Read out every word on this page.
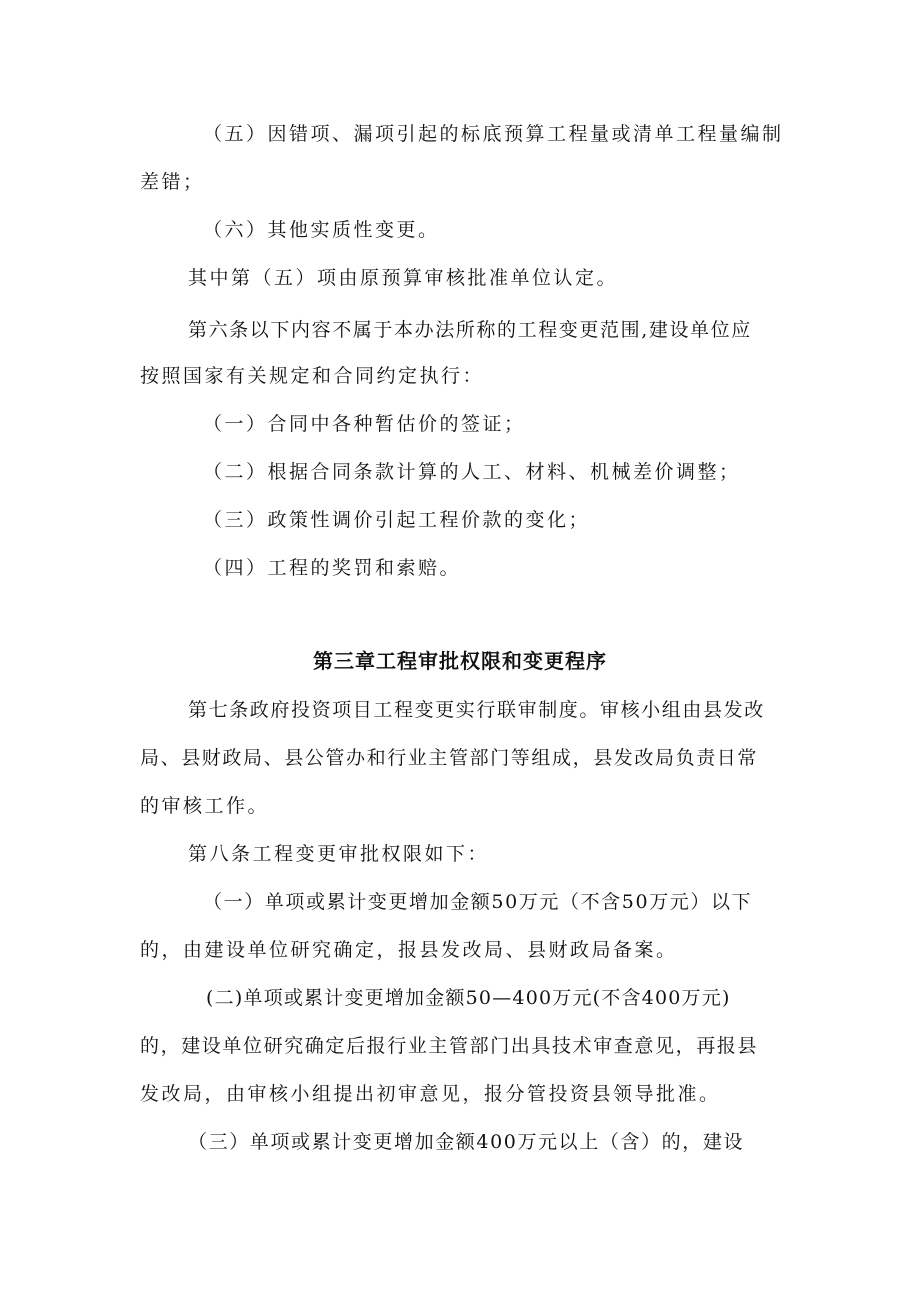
（五）因错项、漏项引起的标底预算工程量或清单工程量编制
差错；
（六）其他实质性变更。
其中第（五）项由原预算审核批准单位认定。
第六条以下内容不属于本办法所称的工程变更范围,建设单位应
按照国家有关规定和合同约定执行：
（一）合同中各种暂估价的签证；
（二）根据合同条款计算的人工、材料、机械差价调整；
（三）政策性调价引起工程价款的变化；
（四）工程的奖罚和索赔。
第三章工程审批权限和变更程序
第七条政府投资项目工程变更实行联审制度。审核小组由县发改
局、县财政局、县公管办和行业主管部门等组成，县发改局负责日常
的审核工作。
第八条工程变更审批权限如下：
（一）单项或累计变更增加金额50万元（不含50万元）以下
的，由建设单位研究确定，报县发改局、县财政局备案。
(二)单项或累计变更增加金额50—400万元(不含400万元)
的，建设单位研究确定后报行业主管部门出具技术审查意见，再报县
发改局，由审核小组提出初审意见，报分管投资县领导批准。
（三）单项或累计变更增加金额400万元以上（含）的，建设
